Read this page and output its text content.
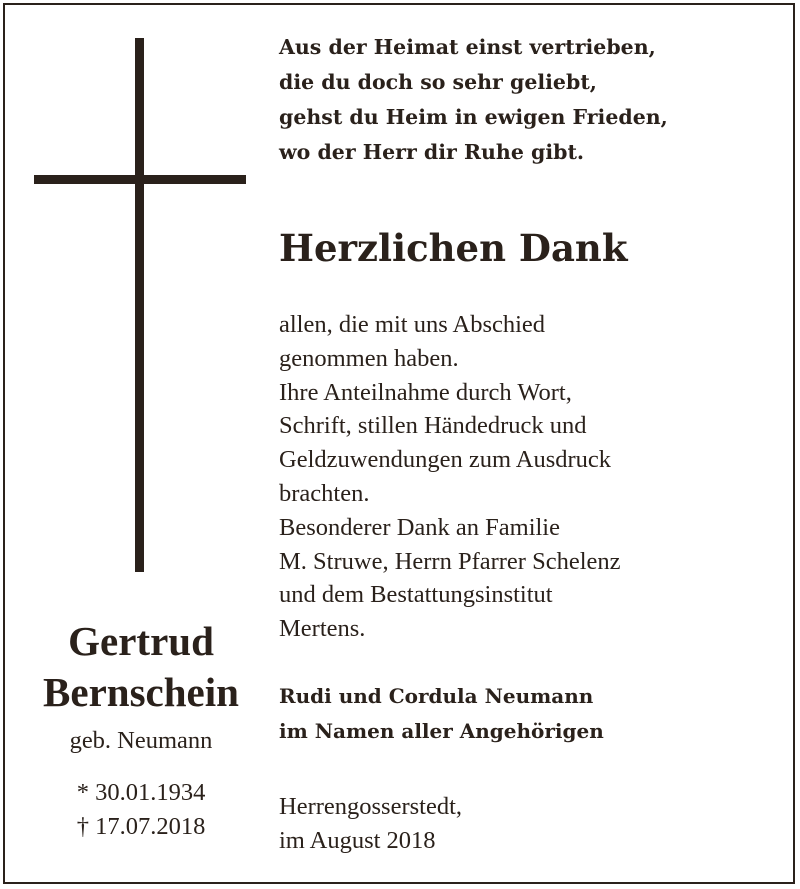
Aus der Heimat einst vertrieben,
die du doch so sehr geliebt,
gehst du Heim in ewigen Frieden,
wo der Herr dir Ruhe gibt.
Herzlichen Dank
allen, die mit uns Abschied
genommen haben.
Ihre Anteilnahme durch Wort,
Schrift, stillen Händedruck und
Geldzuwendungen zum Ausdruck
brachten.
Besonderer Dank an Familie
M. Struwe, Herrn Pfarrer Schelenz
und dem Bestattungsinstitut
Mertens.
Rudi und Cordula Neumann
im Namen aller Angehörigen
Herrengosserstedt,
im August 2018
Gertrud
Bernschein
geb. Neumann
* 30.01.1934
† 17.07.2018
